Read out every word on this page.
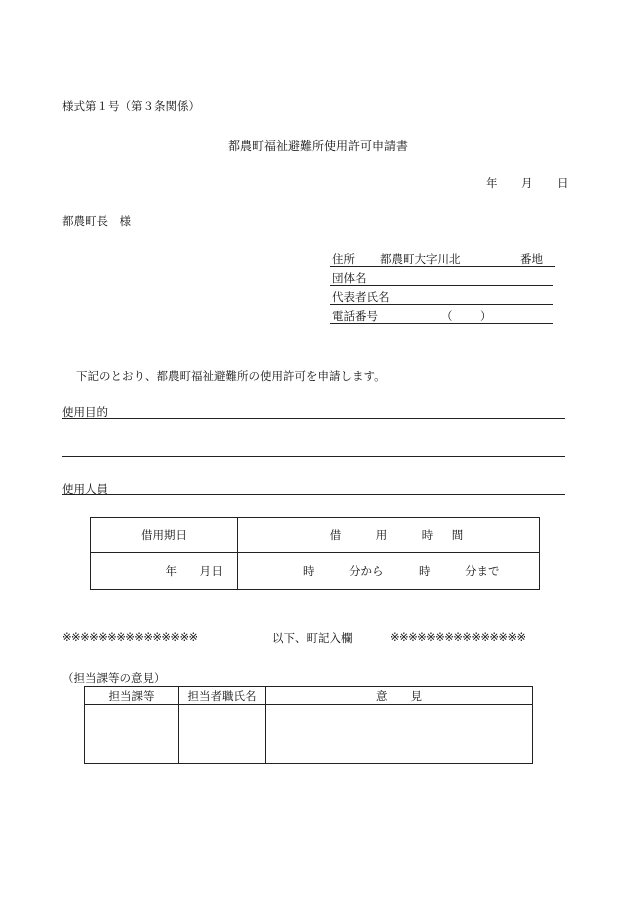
様式第１号（第３条関係）
都農町福祉避難所使用許可申請書
年 月 日
都農町長　様
住所 都農町大字川北	番地
団体名
代表者氏名
電話番号	（ ）
下記のとおり、都農町福祉避難所の使用許可を申請します。
使用目的
使用人員
借用期日	借 用 時 間
年 月日	時 分から 時 分まで
※※※※※※※※※※※※※※※	以下、町記入欄	※※※※※※※※※※※※※※※
（担当課等の意見）
担当課等	担当者職氏名	意　　見
